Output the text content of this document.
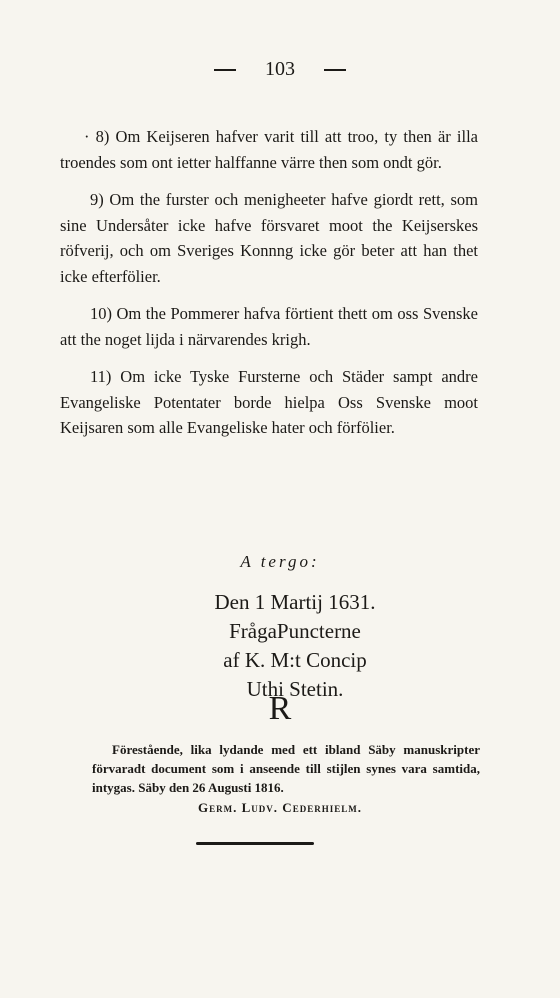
103

· 8) Om Keijseren hafver varit till att troo, ty then är illa troendes som ont ietter halffanne värre then som ondt gör.

9) Om the furster och menigheeter hafve giordt rett, som sine Undersåter icke hafve försvaret moot the Keijserskes röfverij, och om Sveriges Konnng icke gör beter att han thet icke efterfölier.

10) Om the Pommerer hafva förtient thett om oss Svenske att the noget lijda i närvarendes krigh.

11) Om icke Tyske Fursterne och Städer sampt andre Evangeliske Potentater borde hielpa Oss Svenske moot Keijsaren som alle Evangeliske hater och förfölier.

A tergo:
Den 1 Martij 1631.
FrågaPuncterne
af K. M:t Concip
Uthi Stetin.
R
Förestående, lika lydande med ett ibland Säby manuskripter förvaradt document som i anseende till stijlen synes vara samtida, intygas. Säby den 26 Augusti 1816.
Germ. Ludv. Cederhielm.
